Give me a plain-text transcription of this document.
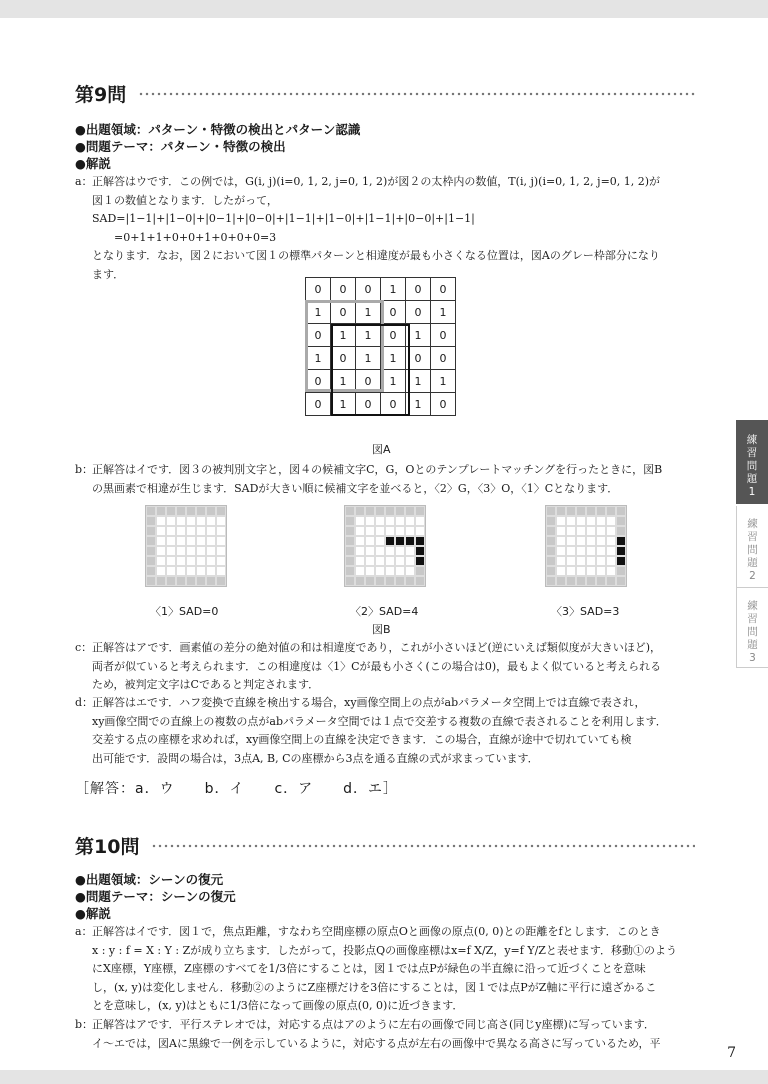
第9問
●出題領域：パターン・特徴の検出とパターン認識
●問題テーマ：パターン・特徴の検出
●解説
a： 正解答はウです．この例では，G(i, j)(i=0, 1, 2, j=0, 1, 2)が図２の太枠内の数値，T(i, j)(i=0, 1, 2, j=0, 1, 2)が

図１の数値となります．したがって，

SAD=|1−1|+|1−0|+|0−1|+|0−0|+|1−1|+|1−0|+|1−1|+|0−0|+|1−1|

　　=0+1+1+0+0+1+0+0+0=3

となります．なお，図２において図１の標準パターンと相違度が最も小さくなる位置は，図Aのグレー枠部分になり

ます．

0	0	0	1	0	0
1	0	1	0	0	1
0	1	1	0	1	0
1	0	1	1	0	0
0	1	0	1	1	1
0	1	0	0	1	0
図A
b：

正解答はイです．図３の被判別文字と，図４の候補文字C，G，Oとのテンプレートマッチングを行ったときに，図B

の黒画素で相違が生じます．SADが大きい順に候補文字を並べると，〈2〉G，〈3〉O，〈1〉Cとなります．

〈1〉SAD=0	〈2〉SAD=4	〈3〉SAD=3
図B
c： 正解答はアです．画素値の差分の絶対値の和は相違度であり，これが小さいほど(逆にいえば類似度が大きいほど)，

両者が似ていると考えられます．この相違度は〈1〉Cが最も小さく(この場合は0)，最もよく似ていると考えられる

ため，被判定文字はCであると判定されます．

d：

正解答はエです．ハフ変換で直線を検出する場合，xy画像空間上の点がabパラメータ空間上では直線で表され，

xy画像空間での直線上の複数の点がabパラメータ空間では１点で交差する複数の直線で表されることを利用します．

交差する点の座標を求めれば，xy画像空間上の直線を決定できます．この場合，直線が途中で切れていても検

出可能です．設問の場合は，3点A, B, Cの座標から3点を通る直線の式が求まっています．

［解答：a．ウ　　b．イ　　c．ア　　d．エ］
第10問
●出題領域：シーンの復元
●問題テーマ：シーンの復元
●解説
a： 正解答はイです．図１で，焦点距離，すなわち空間座標の原点Oと画像の原点(0, 0)との距離をfとします．このとき

x : y : f = X : Y : Zが成り立ちます．したがって，投影点Qの画像座標はx=f X/Z，y=f Y/Zと表せます．移動①のよう

にX座標，Y座標，Z座標のすべてを1/3倍にすることは，図１では点Pが緑色の半直線に沿って近づくことを意味

し，(x, y)は変化しません．移動②のようにZ座標だけを3倍にすることは，図１では点PがZ軸に平行に遠ざかるこ

とを意味し，(x, y)はともに1/3倍になって画像の原点(0, 0)に近づきます．

b：

正解答はアです．平行ステレオでは，対応する点はアのように左右の画像で同じ高さ(同じy座標)に写っています．

イ～エでは，図Aに黒線で一例を示しているように，対応する点が左右の画像中で異なる高さに写っているため，平

練習問題1
練習問題2
練習問題3
7
